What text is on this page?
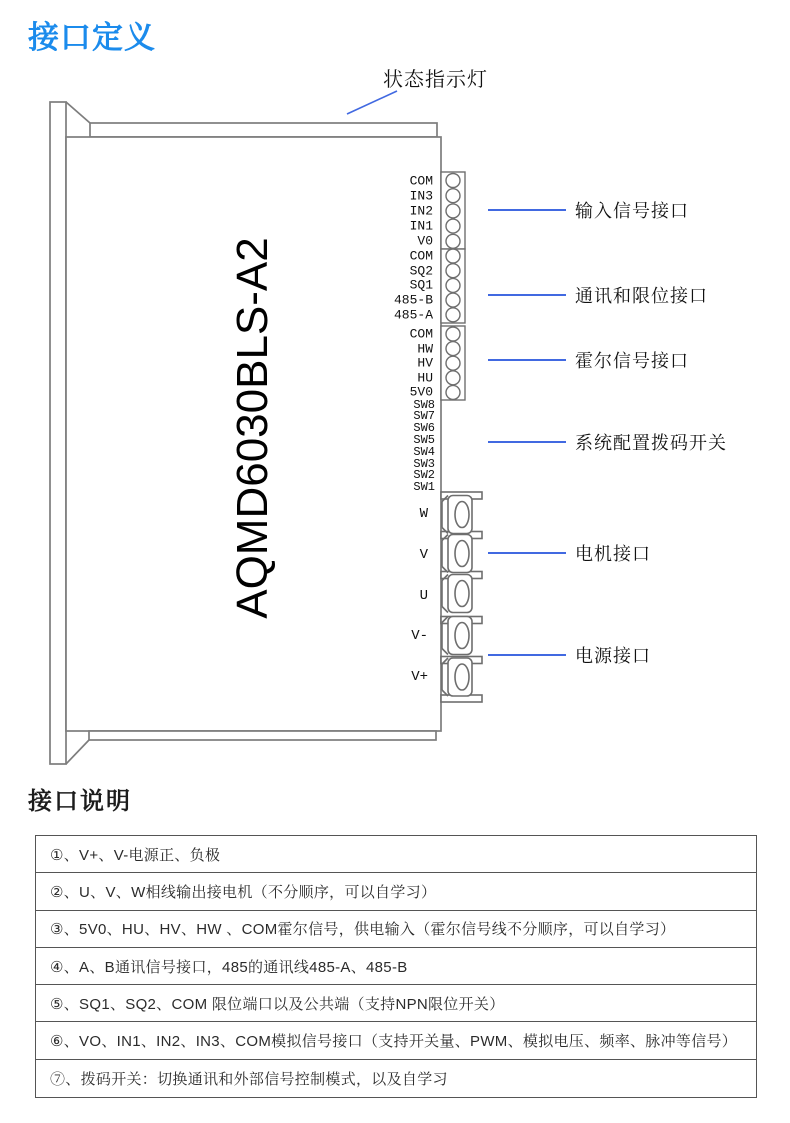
接口定义
状态指示灯
AQMD6030BLS-A2
COM
IN3
IN2
IN1
V0
COM
SQ2
SQ1
485-B
485-A
COM
HW
HV
HU
5V0
SW8
SW7
SW6
SW5
SW4
SW3
SW2
SW1
W
V
U
V-
V+
输入信号接口
通讯和限位接口
霍尔信号接口
系统配置拨码开关
电机接口
电源接口
接口说明
①、V+、V-电源正、负极
②、U、V、W相线输出接电机（不分顺序，可以自学习）
③、5V0、HU、HV、HW 、COM霍尔信号，供电输入（霍尔信号线不分顺序，可以自学习）
④、A、B通讯信号接口，485的通讯线485-A、485-B
⑤、SQ1、SQ2、COM 限位端口以及公共端（支持NPN限位开关）
⑥、VO、IN1、IN2、IN3、COM模拟信号接口（支持开关量、PWM、模拟电压、频率、脉冲等信号）
⑦、拨码开关：切换通讯和外部信号控制模式，以及自学习
